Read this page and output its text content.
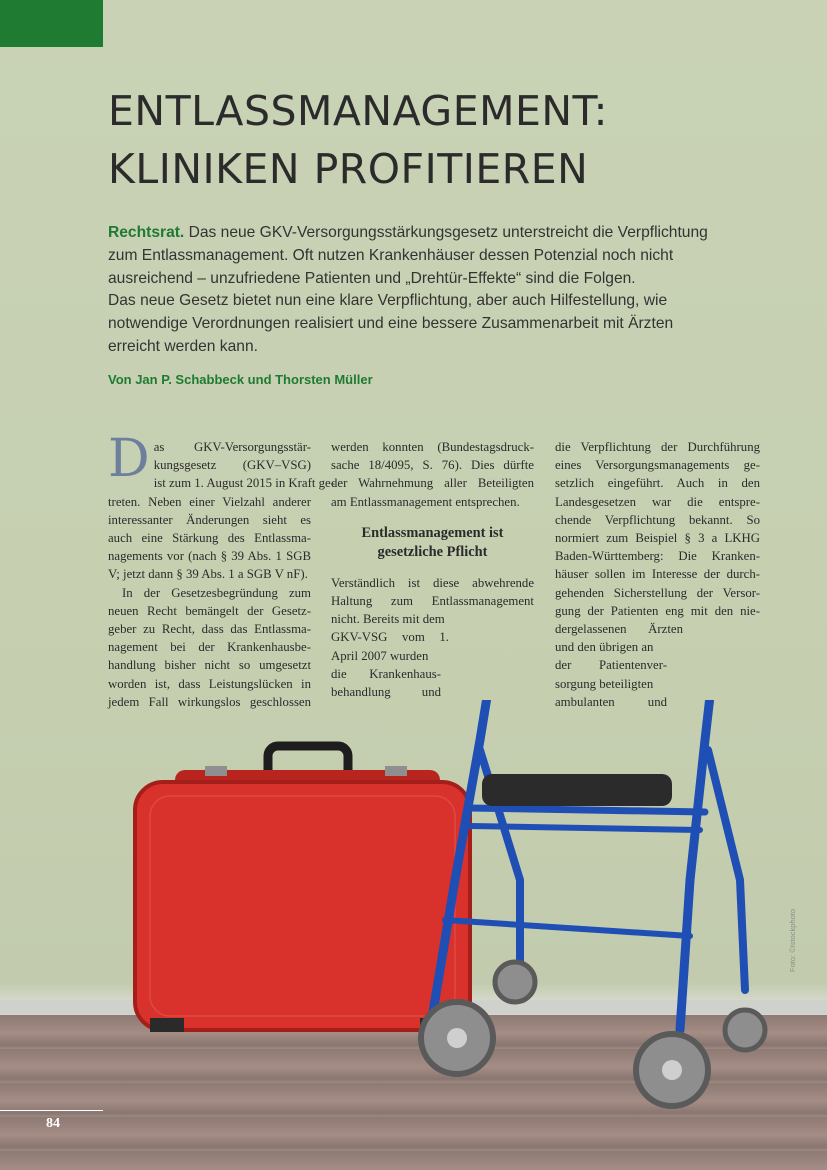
ENTLASSMANAGEMENT:
KLINIKEN PROFITIEREN
Rechtsrat. Das neue GKV-Versorgungsstärkungsgesetz unterstreicht die Verpflichtung
zum Entlassmanagement. Oft nutzen Krankenhäuser dessen Potenzial noch nicht
ausreichend – unzufriedene Patienten und „Drehtür-Effekte“ sind die Folgen.
Das neue Gesetz bietet nun eine klare Verpflichtung, aber auch Hilfestellung, wie
notwendige Verordnungen realisiert und eine bessere Zusammenarbeit mit Ärzten
erreicht werden kann.

Von Jan P. Schabbeck und Thorsten Müller

D as GKV-Versorgungsstär-
kungsgesetz (GKV–VSG)
ist zum 1. August 2015 in Kraft ge-
treten. Neben einer Vielzahl anderer
interessanter Änderungen sieht es
auch eine Stärkung des Entlassma-
nagements vor (nach § 39 Abs. 1 SGB
V; jetzt dann § 39 Abs. 1 a SGB V nF).

In der Gesetzesbegründung zum
neuen Recht bemängelt der Gesetz-
geber zu Recht, dass das Entlassma-
nagement bei der Krankenhausbe-
handlung bisher nicht so umgesetzt
worden ist, dass Leistungslücken in
jedem Fall wirkungslos geschlossen

werden konnten (Bundestagsdruck-
sache 18/4095, S. 76). Dies dürfte
der Wahrnehmung aller Beteiligten
am Entlassmanagement entsprechen.

Entlassmanagement ist
gesetzliche Pflicht

Verständlich ist diese abwehrende
Haltung zum Entlassmanagement
nicht. Bereits mit dem
GKV-VSG vom 1.
April 2007 wurden
die Krankenhaus-
behandlung und

die Verpflichtung der Durchführung
eines Versorgungsmanagements ge-
setzlich eingeführt. Auch in den
Landesgesetzen war die entspre-
chende Verpflichtung bekannt. So
normiert zum Beispiel § 3 a LKHG
Baden-Württemberg: Die Kranken-
häuser sollen im Interesse der durch-
gehenden Sicherstellung der Versor-
gung der Patienten eng mit den nie-
dergelassenen Ärzten
und den übrigen an
der Patientenver-
sorgung beteiligten
ambulanten und

Foto: ©Istockphoto

84
